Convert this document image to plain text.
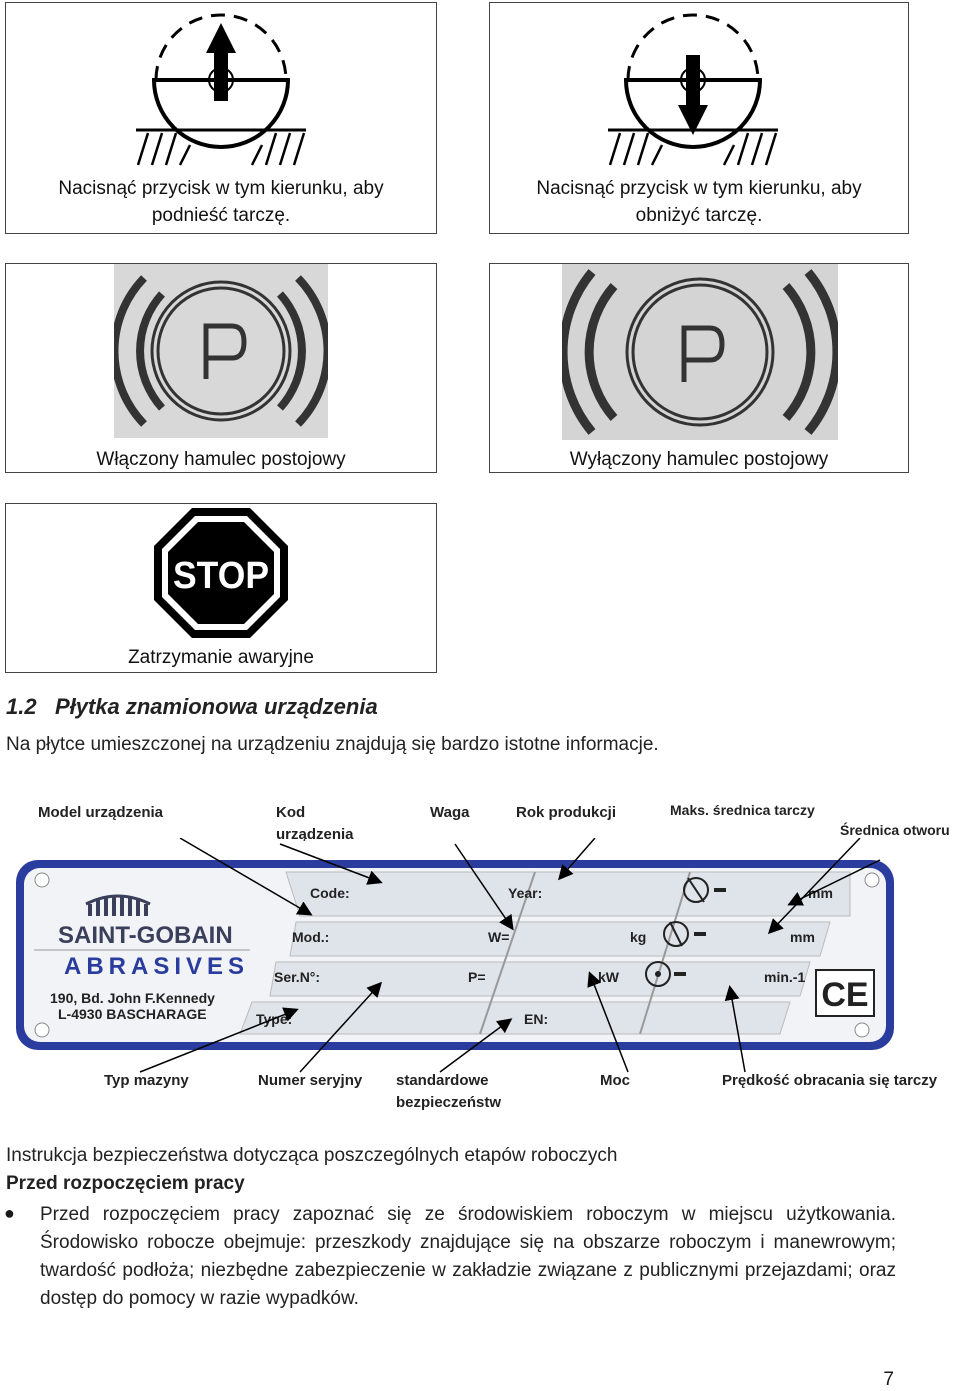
Nacisnąć przycisk w tym kierunku, aby
podnieść tarczę.
Nacisnąć przycisk w tym kierunku, aby
obniżyć tarczę.
Włączony hamulec postojowy	Wyłączony hamulec postojowy
STOP
Zatrzymanie awaryjne
1.2 Płytka znamionowa urządzenia
Na płytce umieszczonej na urządzeniu znajdują się bardzo istotne informacje.
Model urządzenia	Kod
urządzenia
Waga	Rok produkcji	Maks. średnica tarczy
Średnica otworu
SAINT-GOBAIN
ABRASIVES
190, Bd. John F.Kennedy
L-4930 BASCHARAGE
Code:	Year:
Mod.:	W=	kg
Ser.N°:	P=	kW
Type:	EN:
mm
mm
min.-1 CE
Typ mazyny	Numer seryjny standardowe
bezpieczeństw
Moc	Prędkość obracania się tarczy
Instrukcja bezpieczeństwa dotycząca poszczególnych etapów roboczych
Przed rozpoczęciem pracy
● Przed rozpoczęciem pracy zapoznać się ze środowiskiem roboczym w miejscu użytkowania. Środowisko robocze obejmuje: przeszkody znajdujące się na obszarze roboczym i manewrowym; twardość podłoża; niezbędne zabezpieczenie w zakładzie związane z publicznymi przejazdami; oraz dostęp do pomocy w razie wypadków.
7
